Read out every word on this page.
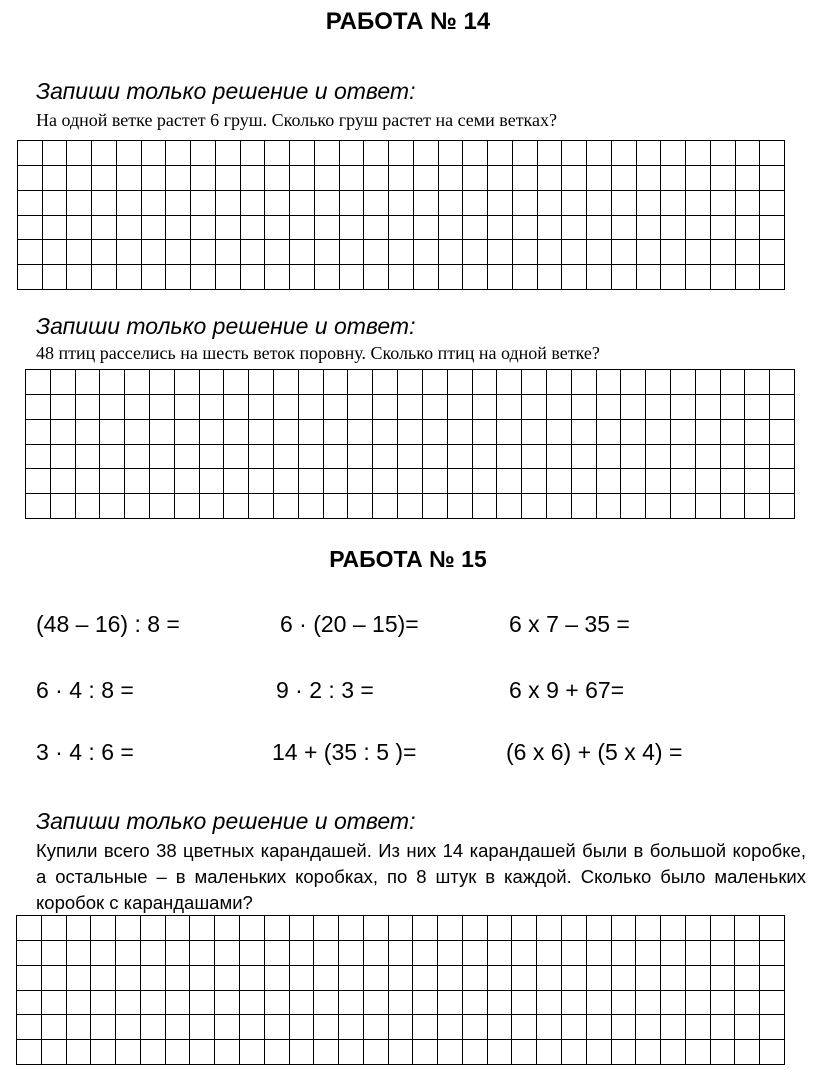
РАБОТА № 14
Запиши только решение и ответ:
На одной ветке растет 6 груш. Сколько груш растет на семи ветках?
Запиши только решение и ответ:
48 птиц расселись на шесть веток поровну. Сколько птиц на одной ветке?
РАБОТА № 15
(48 – 16) : 8 =	6 · (20 – 15)=	6 х 7 – 35 =
6 · 4 : 8 =	9 · 2 : 3 =	6 х 9 + 67=
3 · 4 : 6 =	14 + (35 : 5 )=	(6 х 6) + (5 х 4) =
Запиши только решение и ответ:
Купили всего 38 цветных карандашей. Из них 14 карандашей были в большой коробке, а остальные – в маленьких коробках, по 8 штук в каждой. Сколько было маленьких коробок с карандашами?
